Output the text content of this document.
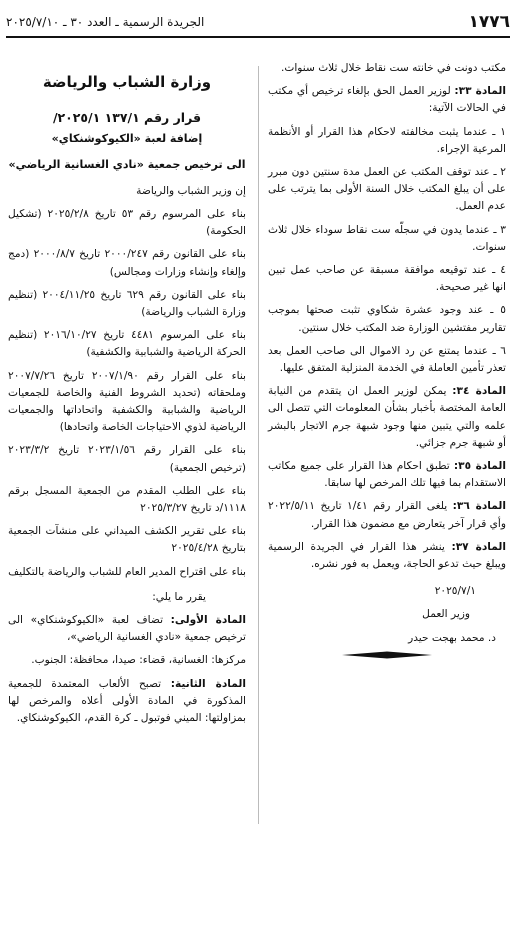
١٧٧٦
الجريدة الرسمية ـ العدد ٣٠ ـ ٢٠٢٥/٧/١٠

مكتب دونت في خانته ست نقاط خلال ثلاث سنوات.

المادة ٣٣: لوزير العمل الحق بإلغاء ترخيص أي مكتب في الحالات الآتية:

١ ـ عندما يثبت مخالفته لاحكام هذا القرار أو الأنظمة المرعية الإجراء.

٢ ـ عند توقف المكتب عن العمل مدة سنتين دون مبرر على أن يبلغ المكتب خلال السنة الأولى بما يترتب على عدم العمل.

٣ ـ عندما يدون في سجلّه ست نقاط سوداء خلال ثلاث سنوات.

٤ ـ عند توقيعه موافقة مسبقة عن صاحب عمل تبين انها غير صحيحة.

٥ ـ عند وجود عشرة شكاوي تثبت صحتها بموجب تقارير مفتشين الوزارة ضد المكتب خلال سنتين.

٦ ـ عندما يمتنع عن رد الاموال الى صاحب العمل بعد تعذر تأمين العاملة في الخدمة المنزلية المتفق عليها.

المادة ٣٤: يمكن لوزير العمل ان يتقدم من النيابة العامة المختصة بأخبار بشأن المعلومات التي تتصل الى علمه والتي يتبين منها وجود شبهة جرم الاتجار بالبشر أو شبهة جرم جزائي.

المادة ٣٥: تطبق احكام هذا القرار على جميع مكاتب الاستقدام بما فيها تلك المرخص لها سابقا.

المادة ٣٦: يلغى القرار رقم ١/٤١ تاريخ ٢٠٢٢/٥/١١ وأي قرار آخر يتعارض مع مضمون هذا القرار.

المادة ٣٧: ينشر هذا القرار في الجريدة الرسمية ويبلغ حيث تدعو الحاجة، ويعمل به فور نشره.

٢٠٢٥/٧/١

وزير العمل

د. محمد بهجت حيدر

وزارة الشباب والرياضة
قرار رقم ١٣٧/١ ٢٠٢٥/١/
إضافة لعبة «الكيوكوشنكاي»
الى ترخيص جمعية «نادي الغسانية الرياضي»

إن وزير الشباب والرياضة

بناء على المرسوم رقم ٥٣ تاريخ ٢٠٢٥/٢/٨ (تشكيل الحكومة)

بناء على القانون رقم ٢٠٠٠/٢٤٧ تاريخ ٢٠٠٠/٨/٧ (دمج وإلغاء وإنشاء وزارات ومجالس)

بناء على القانون رقم ٦٢٩ تاريخ ٢٠٠٤/١١/٢٥ (تنظيم وزارة الشباب والرياضة)

بناء على المرسوم ٤٤٨١ تاريخ ٢٠١٦/١٠/٢٧ (تنظيم الحركة الرياضية والشبابية والكشفية)

بناء على القرار رقم ٢٠٠٧/١/٩٠ تاريخ ٢٠٠٧/٧/٢٦ وملحقاته (تحديد الشروط الفنية والخاصة للجمعيات الرياضية والشبابية والكشفية واتحاداتها والجمعيات الرياضية لذوي الاحتياجات الخاصة واتحادها)

بناء على القرار رقم ٢٠٢٣/١/٥٦ تاريخ ٢٠٢٣/٣/٢ (ترخيص الجمعية)

بناء على الطلب المقدم من الجمعية المسجل برقم ١١١٨/د تاريخ ٢٠٢٥/٣/٢٧

بناء على تقرير الكشف الميداني على منشآت الجمعية بتاريخ ٢٠٢٥/٤/٢٨

بناء على اقتراح المدير العام للشباب والرياضة بالتكليف

يقرر ما يلي:

المادة الأولى: تضاف لعبة «الكيوكوشنكاي» الى ترخيص جمعية «نادي الغسانية الرياضي»،

مركزها: الغسانية، قضاء: صيدا، محافظة: الجنوب.

المادة الثانية: تصبح الألعاب المعتمدة للجمعية المذكورة في المادة الأولى أعلاه والمرخص لها بمزاولتها: الميني فوتبول ـ كرة القدم، الكيوكوشنكاي.
